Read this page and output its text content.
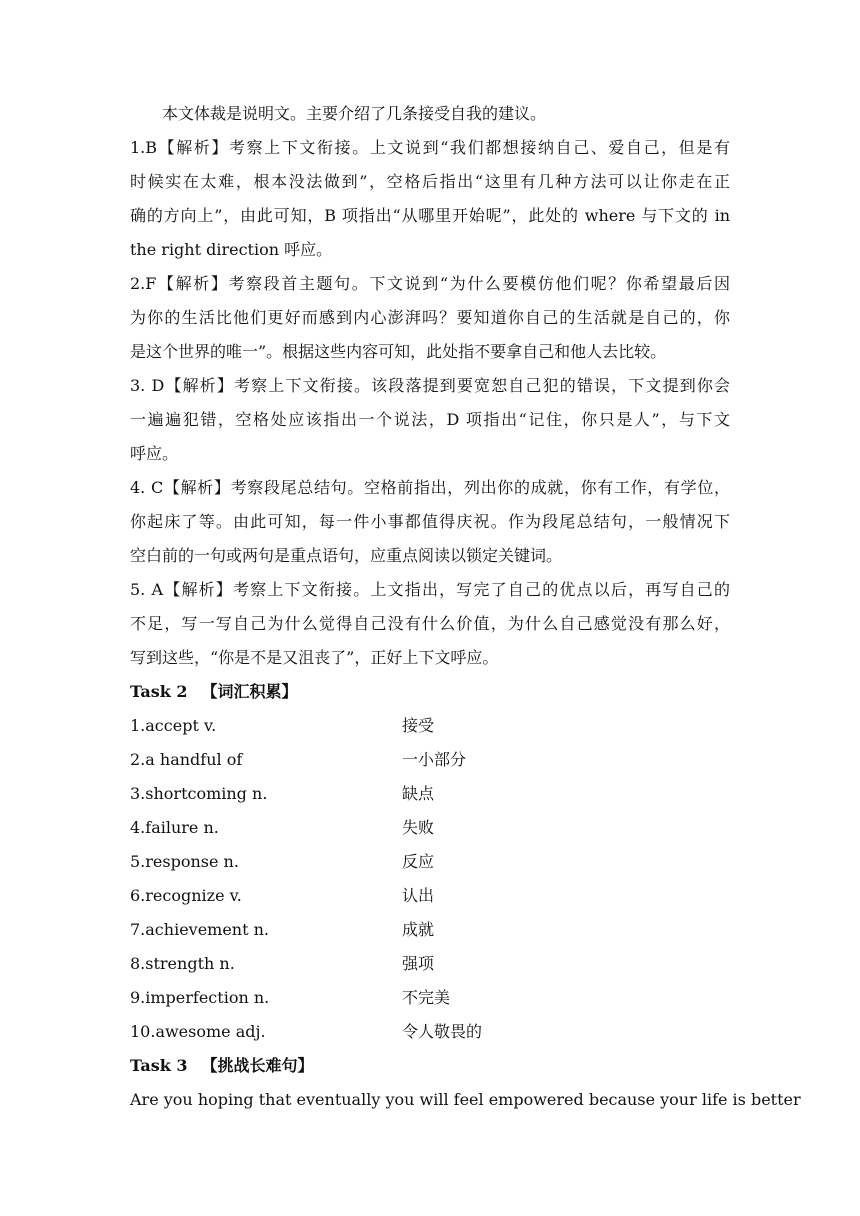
本文体裁是说明文。主要介绍了几条接受自我的建议。
1.B【解析】考察上下文衔接。上文说到“我们都想接纳自己、爱自己，但是有
时候实在太难，根本没法做到”，空格后指出“这里有几种方法可以让你走在正
确的方向上”，由此可知，B 项指出“从哪里开始呢”，此处的 where 与下文的 in
the right direction 呼应。
2.F【解析】考察段首主题句。下文说到“为什么要模仿他们呢？你希望最后因
为你的生活比他们更好而感到内心澎湃吗？要知道你自己的生活就是自己的，你
是这个世界的唯一”。根据这些内容可知，此处指不要拿自己和他人去比较。
3. D【解析】考察上下文衔接。该段落提到要宽恕自己犯的错误，下文提到你会
一遍遍犯错，空格处应该指出一个说法，D 项指出“记住，你只是人”，与下文
呼应。
4. C【解析】考察段尾总结句。空格前指出，列出你的成就，你有工作，有学位，
你起床了等。由此可知，每一件小事都值得庆祝。作为段尾总结句，一般情况下
空白前的一句或两句是重点语句，应重点阅读以锁定关键词。
5. A【解析】考察上下文衔接。上文指出，写完了自己的优点以后，再写自己的
不足，写一写自己为什么觉得自己没有什么价值，为什么自己感觉没有那么好，
写到这些，“你是不是又沮丧了”，正好上下文呼应。
Task 2 【词汇积累】
1.accept v.	接受
2.a handful of	一小部分
3.shortcoming n.	缺点
4.failure n.	失败
5.response n.	反应
6.recognize v.	认出
7.achievement n.	成就
8.strength n.	强项
9.imperfection n.	不完美
10.awesome adj.	令人敬畏的
Task 3 【挑战长难句】
Are you hoping that eventually you will feel empowered because your life is better
